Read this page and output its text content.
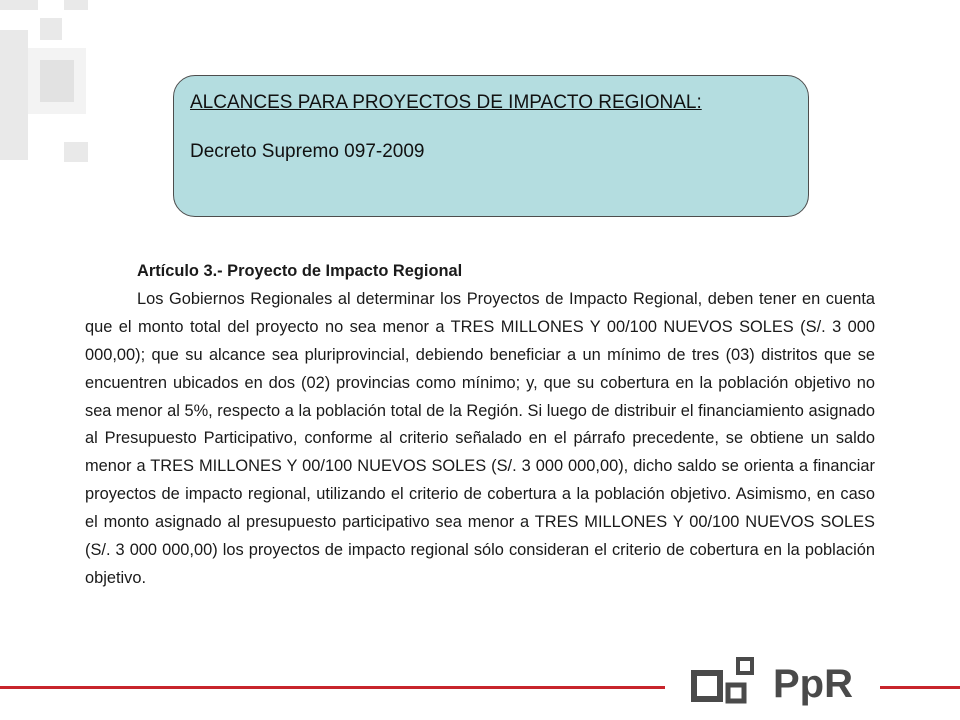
ALCANCES PARA PROYECTOS DE IMPACTO REGIONAL:
Decreto Supremo 097-2009
Artículo 3.- Proyecto de Impacto Regional

Los Gobiernos Regionales al determinar los Proyectos de Impacto Regional, deben tener en cuenta que el monto total del proyecto no sea menor a TRES MILLONES Y 00/100 NUEVOS SOLES (S/. 3 000 000,00); que su alcance sea pluriprovincial, debiendo beneficiar a un mínimo de tres (03) distritos que se encuentren ubicados en dos (02) provincias como mínimo; y, que su cobertura en la población objetivo no sea menor al 5%, respecto a la población total de la Región. Si luego de distribuir el financiamiento asignado al Presupuesto Participativo, conforme al criterio señalado en el párrafo precedente, se obtiene un saldo menor a TRES MILLONES Y 00/100 NUEVOS SOLES (S/. 3 000 000,00), dicho saldo se orienta a financiar proyectos de impacto regional, utilizando el criterio de cobertura a la población objetivo. Asimismo, en caso el monto asignado al presupuesto participativo sea menor a TRES MILLONES Y 00/100 NUEVOS SOLES (S/. 3 000 000,00) los proyectos de impacto regional sólo consideran el criterio de cobertura en la población objetivo.

PpR
